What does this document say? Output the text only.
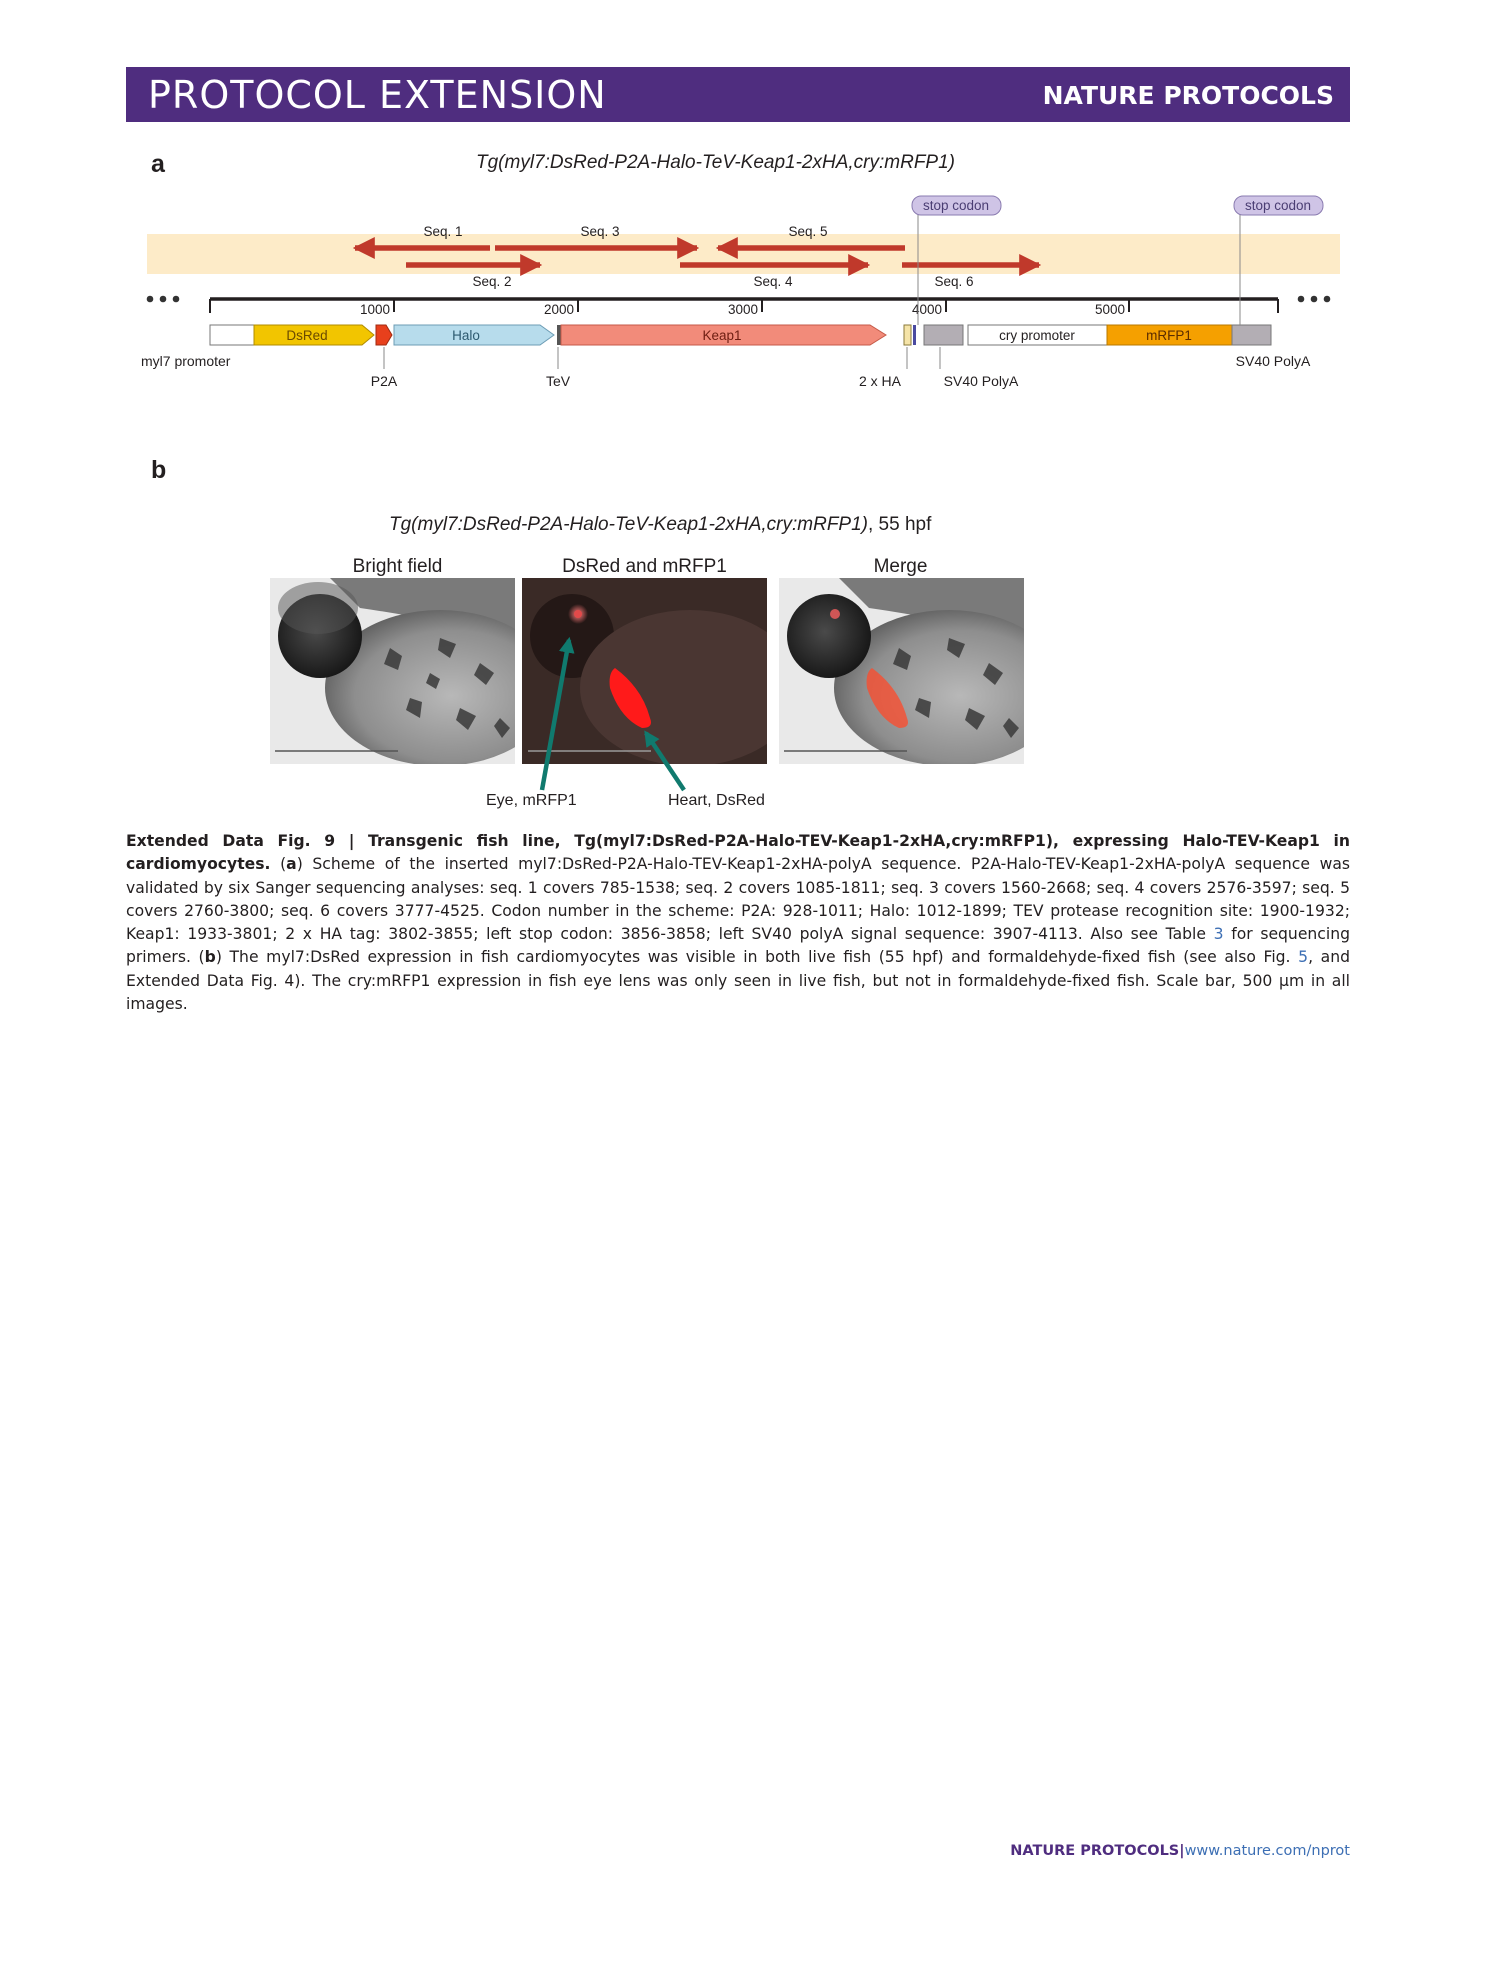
PROTOCOL EXTENSION	NATURE PROTOCOLS
a	Tg(myl7:DsRed-P2A-Halo-TeV-Keap1-2xHA,cry:mRFP1)
stop codon	stop codon
Seq. 1
Seq. 2
Seq. 3
Seq. 4
Seq. 5
Seq. 6
1000	2000	3000	4000	5000
DsRed	Halo	Keap1	cry promoter	mRFP1
myl7 promoter
P2A	TeV	2 x HA	SV40 PolyA
SV40 PolyA
b
Tg(myl7:DsRed-P2A-Halo-TeV-Keap1-2xHA,cry:mRFP1), 55 hpf
Bright field	DsRed and mRFP1	Merge
Eye, mRFP1	Heart, DsRed
Extended Data Fig. 9 | Transgenic fish line, Tg(myl7:DsRed-P2A-Halo-TEV-Keap1-2xHA,cry:mRFP1), expressing Halo-TEV-Keap1 in cardiomyocytes. (a) Scheme of the inserted myl7:DsRed-P2A-Halo-TEV-Keap1-2xHA-polyA sequence. P2A-Halo-TEV-Keap1-2xHA-polyA sequence was validated by six Sanger sequencing analyses: seq. 1 covers 785-1538; seq. 2 covers 1085-1811; seq. 3 covers 1560-2668; seq. 4 covers 2576-3597; seq. 5 covers 2760-3800; seq. 6 covers 3777-4525. Codon number in the scheme: P2A: 928-1011; Halo: 1012-1899; TEV protease recognition site: 1900-1932; Keap1: 1933-3801; 2 x HA tag: 3802-3855; left stop codon: 3856-3858; left SV40 polyA signal sequence: 3907-4113. Also see Table 3 for sequencing primers. (b) The myl7:DsRed expression in fish cardiomyocytes was visible in both live fish (55 hpf) and formaldehyde-fixed fish (see also Fig. 5, and Extended Data Fig. 4). The cry:mRFP1 expression in fish eye lens was only seen in live fish, but not in formaldehyde-fixed fish. Scale bar, 500 µm in all images.
NATURE PROTOCOLS|www.nature.com/nprot
